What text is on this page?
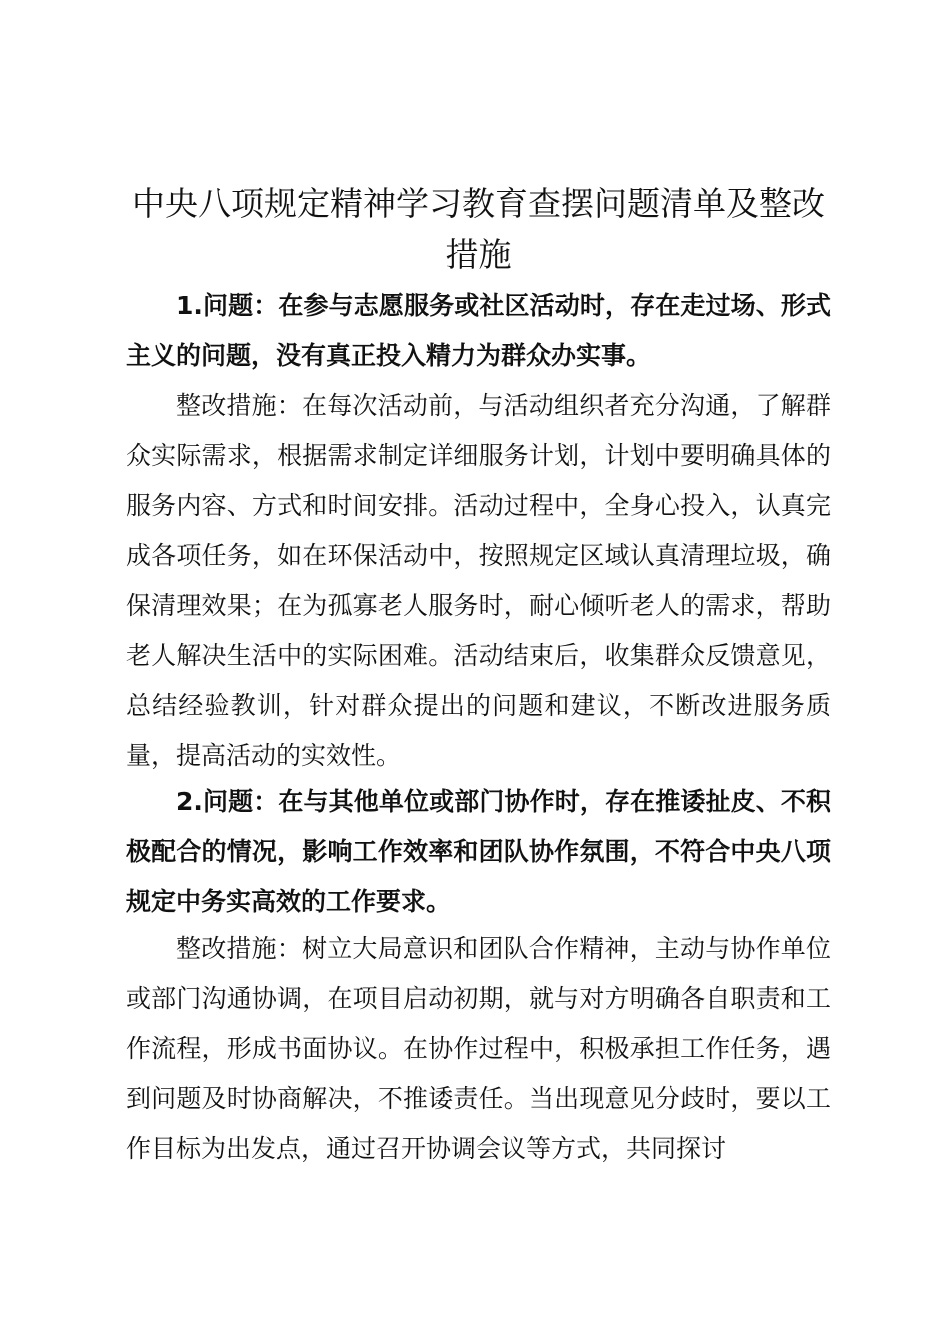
中央八项规定精神学习教育查摆问题清单及整改措施

1.问题：在参与志愿服务或社区活动时，存在走过场、形式主义的问题，没有真正投入精力为群众办实事。

整改措施：在每次活动前，与活动组织者充分沟通，了解群众实际需求，根据需求制定详细服务计划，计划中要明确具体的服务内容、方式和时间安排。活动过程中，全身心投入，认真完成各项任务，如在环保活动中，按照规定区域认真清理垃圾，确保清理效果；在为孤寡老人服务时，耐心倾听老人的需求，帮助老人解决生活中的实际困难。活动结束后，收集群众反馈意见，总结经验教训，针对群众提出的问题和建议，不断改进服务质量，提高活动的实效性。

2.问题：在与其他单位或部门协作时，存在推诿扯皮、不积极配合的情况，影响工作效率和团队协作氛围，不符合中央八项规定中务实高效的工作要求。

整改措施：树立大局意识和团队合作精神，主动与协作单位或部门沟通协调，在项目启动初期，就与对方明确各自职责和工作流程，形成书面协议。在协作过程中，积极承担工作任务，遇到问题及时协商解决，不推诿责任。当出现意见分歧时，要以工作目标为出发点，通过召开协调会议等方式，共同探讨
